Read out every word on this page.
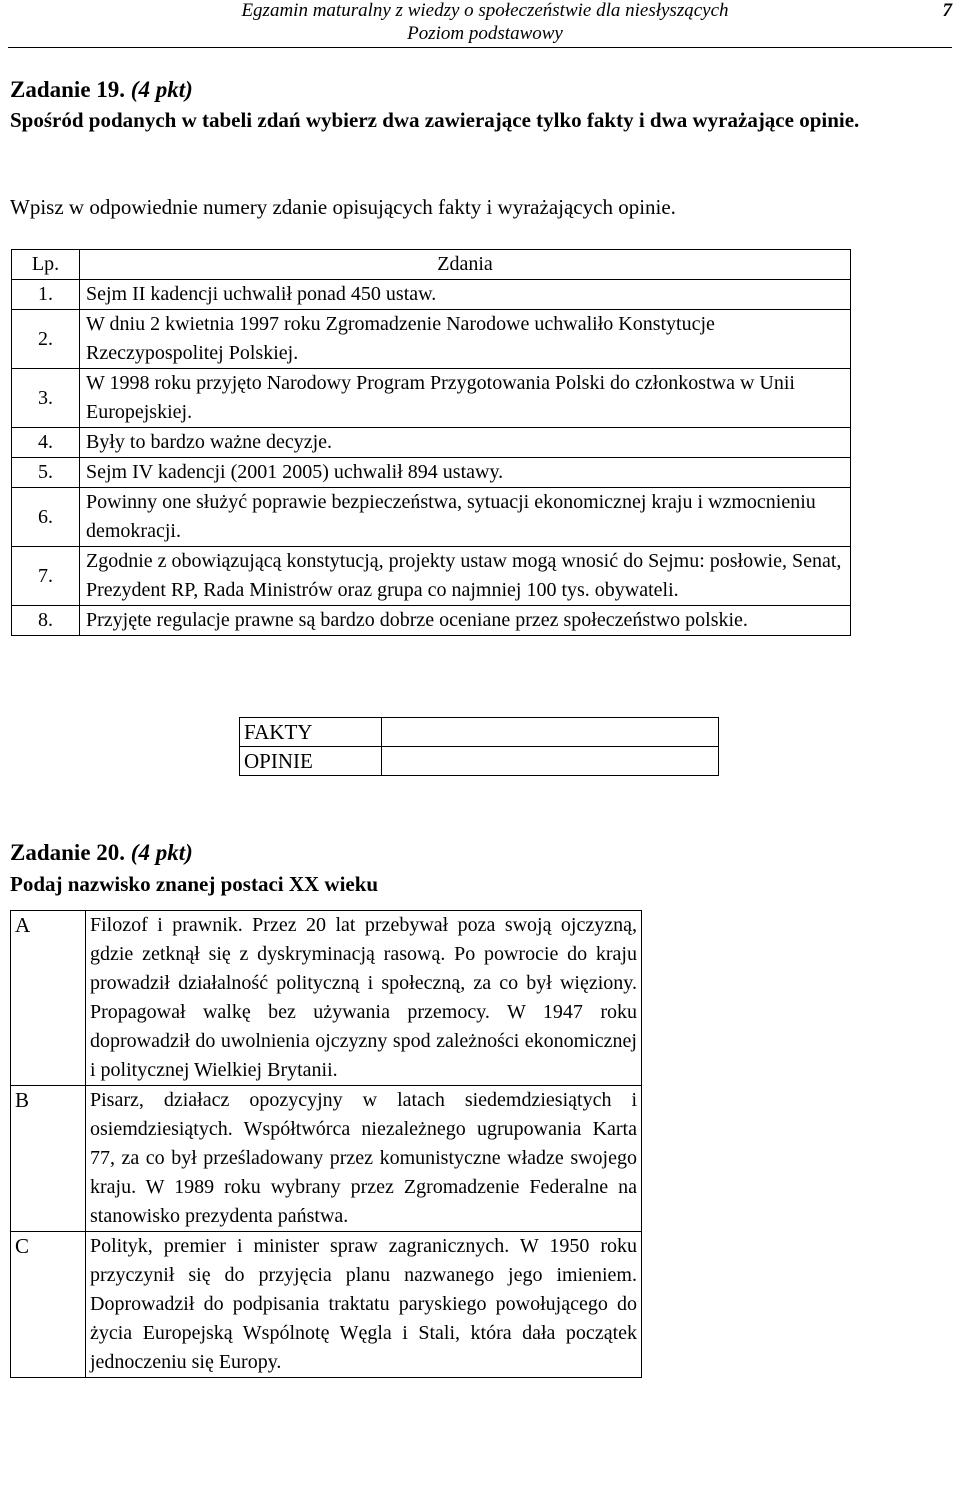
Egzamin maturalny z wiedzy o społeczeństwie dla niesłyszących
Poziom podstawowy
7
Zadanie 19. (4 pkt)
Spośród podanych w tabeli zdań wybierz dwa zawierające tylko fakty i dwa wyrażające opinie.
Wpisz w odpowiednie numery zdanie opisujących fakty i wyrażających opinie.
Lp.	Zdania
1.	Sejm II kadencji uchwalił ponad 450 ustaw.
2.	W dniu 2 kwietnia 1997 roku Zgromadzenie Narodowe uchwaliło Konstytucje Rzeczypospolitej Polskiej.
3.	W 1998 roku przyjęto Narodowy Program Przygotowania Polski do członkostwa w Unii Europejskiej.
4.	Były to bardzo ważne decyzje.
5.	Sejm IV kadencji (2001 2005) uchwalił 894 ustawy.
6.	Powinny one służyć poprawie bezpieczeństwa, sytuacji ekonomicznej kraju i wzmocnieniu demokracji.
7.	Zgodnie z obowiązującą konstytucją, projekty ustaw mogą wnosić do Sejmu: posłowie, Senat, Prezydent RP, Rada Ministrów oraz grupa co najmniej 100 tys. obywateli.
8.	Przyjęte regulacje prawne są bardzo dobrze oceniane przez społeczeństwo polskie.
FAKTY	
OPINIE	
Zadanie 20. (4 pkt)
Podaj nazwisko znanej postaci XX wieku
A	Filozof i prawnik. Przez 20 lat przebywał poza swoją ojczyzną, gdzie zetknął się z dyskryminacją rasową. Po powrocie do kraju prowadził działalność polityczną i społeczną, za co był więziony. Propagował walkę bez używania przemocy. W 1947 roku doprowadził do uwolnienia ojczyzny spod zależności ekonomicznej i politycznej Wielkiej Brytanii.
B	Pisarz, działacz opozycyjny w latach siedemdziesiątych i osiemdziesiątych. Współtwórca niezależnego ugrupowania Karta 77, za co był prześladowany przez komunistyczne władze swojego kraju. W 1989 roku wybrany przez Zgromadzenie Federalne na stanowisko prezydenta państwa.
C	Polityk, premier i minister spraw zagranicznych. W 1950 roku przyczynił się do przyjęcia planu nazwanego jego imieniem. Doprowadził do podpisania traktatu paryskiego powołującego do życia Europejską Wspólnotę Węgla i Stali, która dała początek jednoczeniu się Europy.
